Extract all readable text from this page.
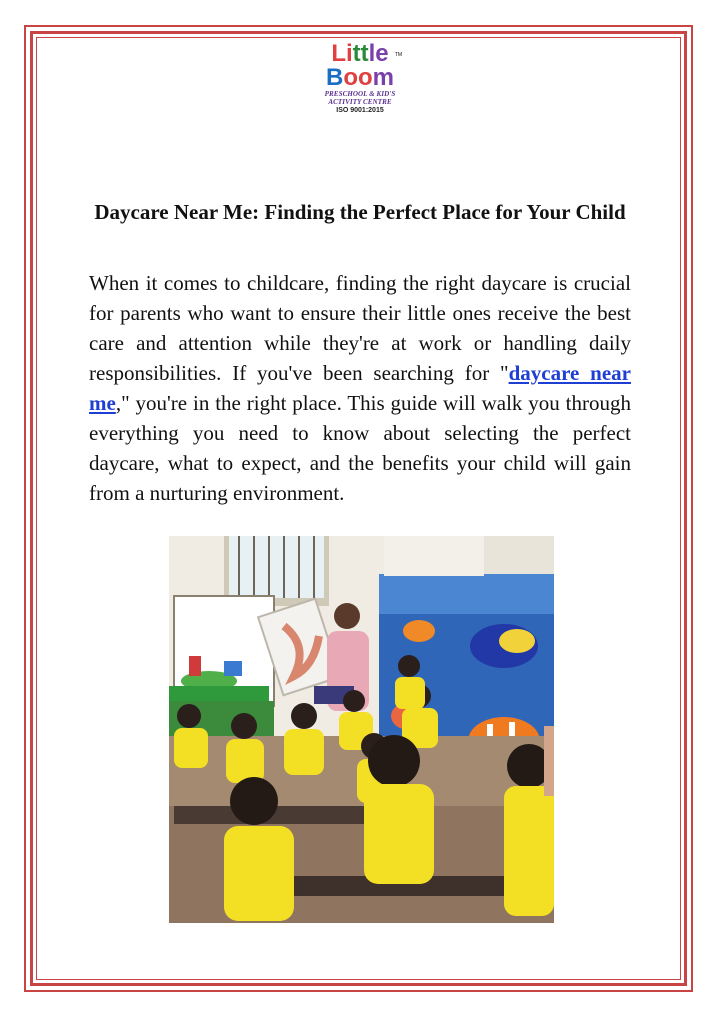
Little
Boom
TM
PRESCHOOL & KID'S
ACTIVITY CENTRE
ISO 9001:2015
Daycare Near Me: Finding the Perfect Place for Your Child

When it comes to childcare, finding the right daycare is crucial for parents who want to ensure their little ones receive the best care and attention while they're at work or handling daily responsibilities. If you've been searching for "daycare near me," you're in the right place. This guide will walk you through everything you need to know about selecting the perfect daycare, what to expect, and the benefits your child will gain from a nurturing environment.
